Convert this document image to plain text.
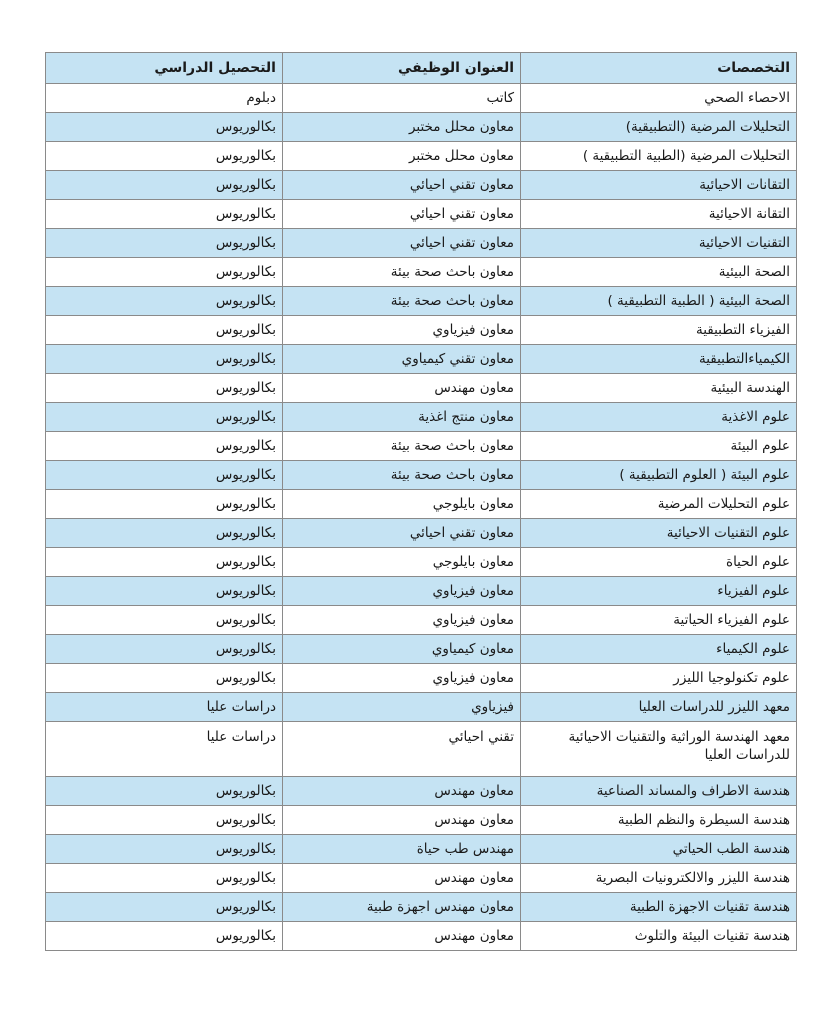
التخصصات	العنوان الوظيفي	التحصيل الدراسي
الاحصاء الصحي	كاتب	دبلوم
التحليلات المرضية (التطبيقية)	معاون محلل مختبر	بكالوريوس
التحليلات المرضية (الطبية التطبيقية )	معاون محلل مختبر	بكالوريوس
التقانات الاحيائية	معاون تقني احيائي	بكالوريوس
التقانة الاحيائية	معاون تقني احيائي	بكالوريوس
التقنيات الاحيائية	معاون تقني احيائي	بكالوريوس
الصحة البيئية	معاون باحث صحة بيئة	بكالوريوس
الصحة البيئية ( الطبية التطبيقية )	معاون باحث صحة بيئة	بكالوريوس
الفيزياء التطبيقية	معاون فيزياوي	بكالوريوس
الكيمياءالتطبيقية	معاون تقني كيمياوي	بكالوريوس
الهندسة البيئية	معاون مهندس	بكالوريوس
علوم الاغذية	معاون منتج اغذية	بكالوريوس
علوم البيئة	معاون باحث صحة بيئة	بكالوريوس
علوم البيئة ( العلوم التطبيقية )	معاون باحث صحة بيئة	بكالوريوس
علوم التحليلات المرضية	معاون بايلوجي	بكالوريوس
علوم التقنيات الاحيائية	معاون تقني احيائي	بكالوريوس
علوم الحياة	معاون بايلوجي	بكالوريوس
علوم الفيزياء	معاون فيزياوي	بكالوريوس
علوم الفيزياء الحياتية	معاون فيزياوي	بكالوريوس
علوم الكيمياء	معاون كيمياوي	بكالوريوس
علوم تكنولوجيا الليزر	معاون فيزياوي	بكالوريوس
معهد الليزر للدراسات العليا	فيزياوي	دراسات عليا
معهد الهندسة الوراثية والتقنيات الاحيائية للدراسات العليا	تقني احيائي	دراسات عليا
هندسة الاطراف والمساند الصناعية	معاون مهندس	بكالوريوس
هندسة السيطرة والنظم الطبية	معاون مهندس	بكالوريوس
هندسة الطب الحياتي	مهندس طب حياة	بكالوريوس
هندسة الليزر والالكترونيات البصرية	معاون مهندس	بكالوريوس
هندسة تقنيات الاجهزة الطبية	معاون مهندس اجهزة طبية	بكالوريوس
هندسة تقنيات البيئة والتلوث	معاون مهندس	بكالوريوس
